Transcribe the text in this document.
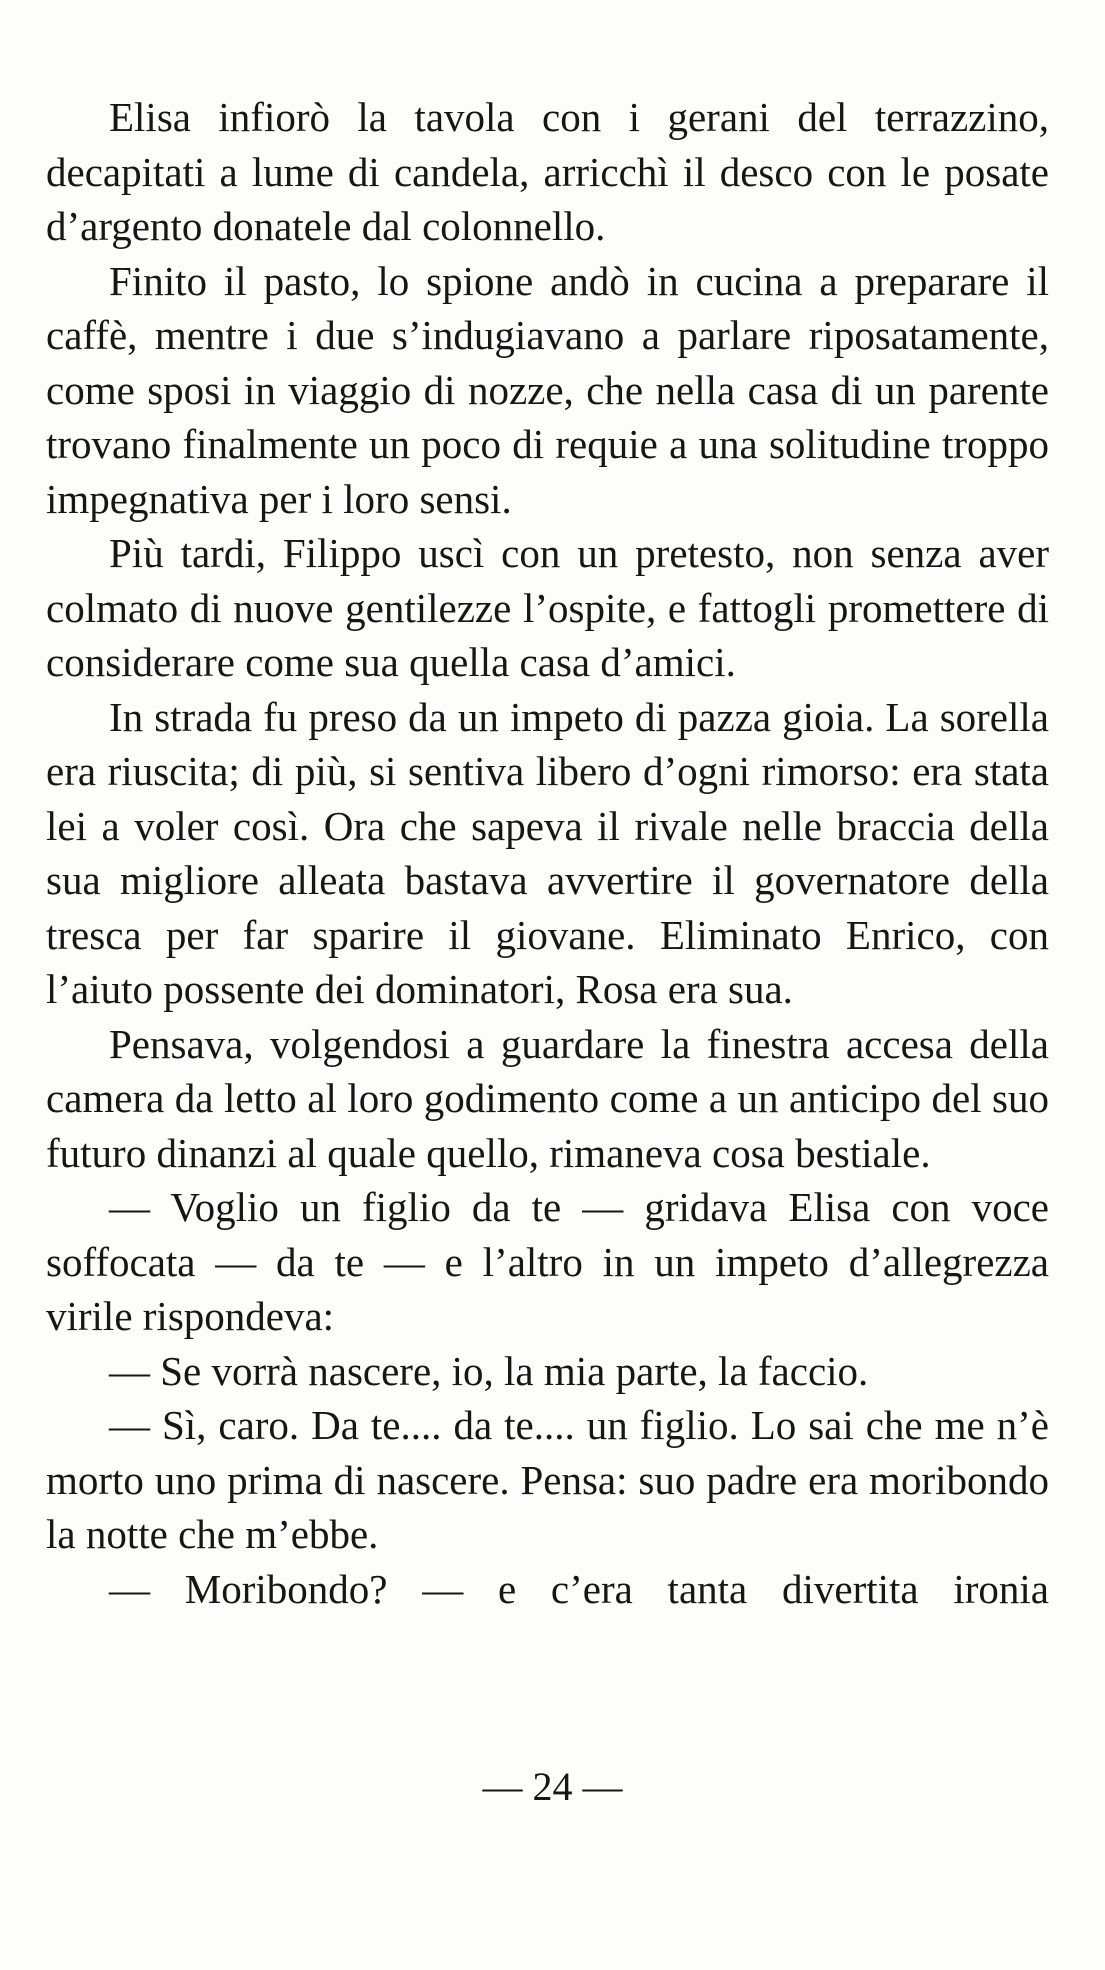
Elisa infiorò la tavola con i gerani del terrazzino, decapitati a lume di candela, arricchì il desco con le posate d’argento donatele dal colonnello.

Finito il pasto, lo spione andò in cucina a preparare il caffè, mentre i due s’indugiavano a parlare riposatamente, come sposi in viaggio di nozze, che nella casa di un parente trovano finalmente un poco di requie a una solitudine troppo impegnativa per i loro sensi.

Più tardi, Filippo uscì con un pretesto, non senza aver colmato di nuove gentilezze l’ospite, e fattogli promettere di considerare come sua quella casa d’amici.

In strada fu preso da un impeto di pazza gioia. La sorella era riuscita; di più, si sentiva libero d’ogni rimorso: era stata lei a voler così. Ora che sapeva il rivale nelle braccia della sua migliore alleata bastava avvertire il governatore della tresca per far sparire il giovane. Eliminato Enrico, con l’aiuto possente dei dominatori, Rosa era sua.

Pensava, volgendosi a guardare la finestra accesa della camera da letto al loro godimento come a un anticipo del suo futuro dinanzi al quale quello, rimaneva cosa bestiale.

— Voglio un figlio da te — gridava Elisa con voce soffocata — da te — e l’altro in un impeto d’allegrezza virile rispondeva:

— Se vorrà nascere, io, la mia parte, la faccio.

— Sì, caro. Da te.... da te.... un figlio. Lo sai che me n’è morto uno prima di nascere. Pensa: suo padre era moribondo la notte che m’ebbe.

— Moribondo? — e c’era tanta divertita ironia

— 24 —
